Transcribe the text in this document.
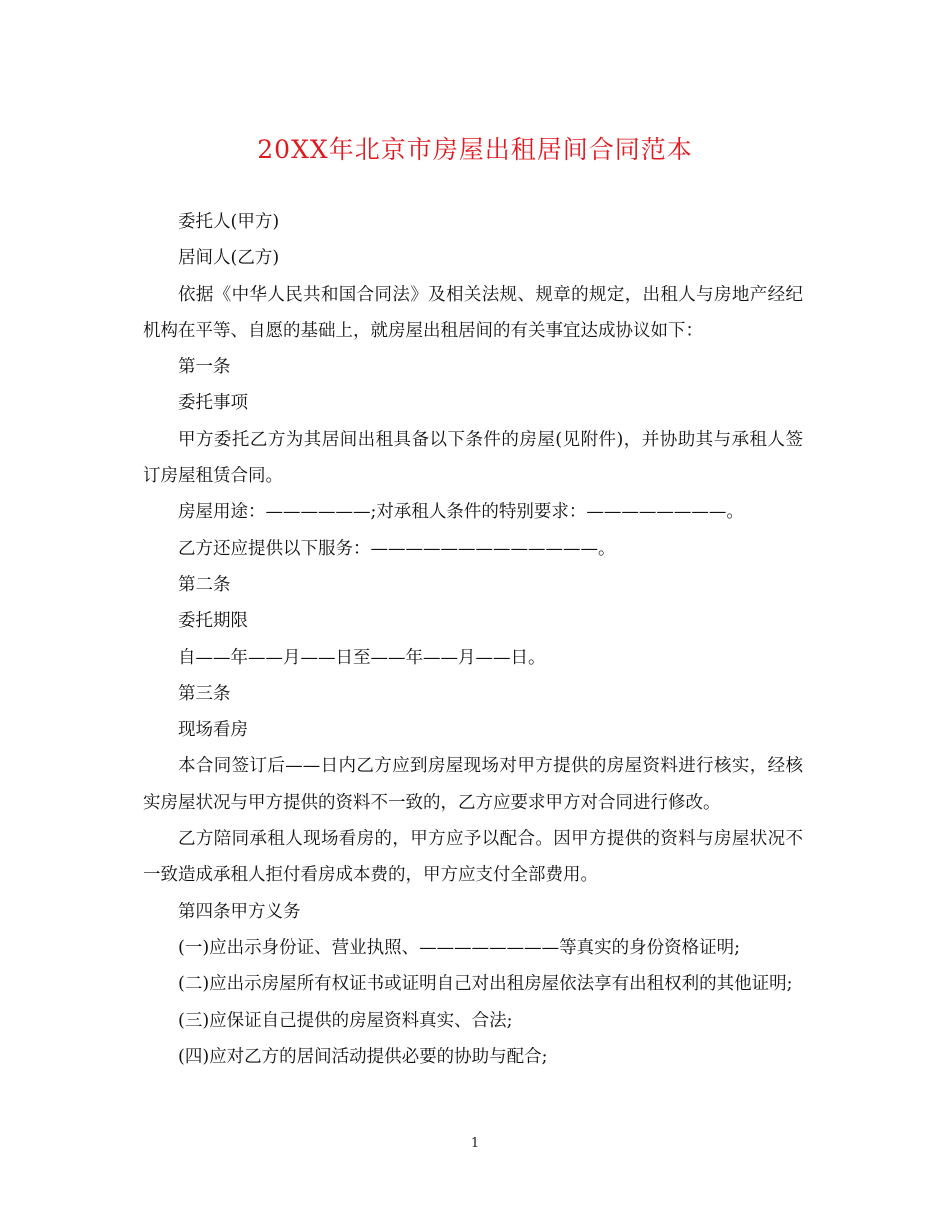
20XX年北京市房屋出租居间合同范本

委托人(甲方)

居间人(乙方)

依据《中华人民共和国合同法》及相关法规、规章的规定，出租人与房地产经纪机构在平等、自愿的基础上，就房屋出租居间的有关事宜达成协议如下：

第一条

委托事项

甲方委托乙方为其居间出租具备以下条件的房屋(见附件)，并协助其与承租人签订房屋租赁合同。

房屋用途：——————;对承租人条件的特别要求：————————。

乙方还应提供以下服务：—————————————。

第二条

委托期限

自——年——月——日至——年——月——日。

第三条

现场看房

本合同签订后——日内乙方应到房屋现场对甲方提供的房屋资料进行核实，经核实房屋状况与甲方提供的资料不一致的，乙方应要求甲方对合同进行修改。

乙方陪同承租人现场看房的，甲方应予以配合。因甲方提供的资料与房屋状况不一致造成承租人拒付看房成本费的，甲方应支付全部费用。

第四条甲方义务

(一)应出示身份证、营业执照、————————等真实的身份资格证明;

(二)应出示房屋所有权证书或证明自己对出租房屋依法享有出租权利的其他证明;

(三)应保证自己提供的房屋资料真实、合法;

(四)应对乙方的居间活动提供必要的协助与配合;

1
